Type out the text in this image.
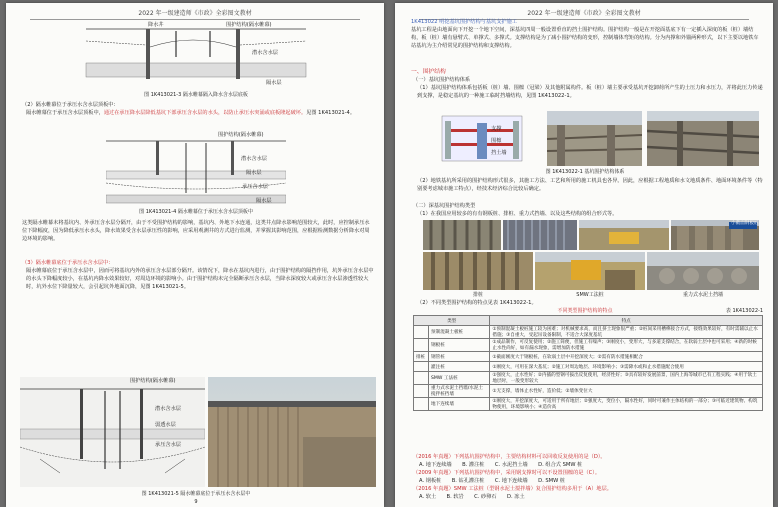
2022 年一级建造师《市政》全彩图文教材
降水井	围护结构(隔水帷幕)
潜水含水层
隔水层
图 1K413021-3 隔水帷幕隔入降水含水层底板
（2）隔水帷幕位于承压水含水层顶板中：
隔水帷幕位于承压含水层顶板中，通过在承压降水层降低基坑下部承压含水层的水头，以防止承压水突涌或底板隆起破坏。见图 1K413021-4。
围护结构(隔水帷幕)
潜水含水层
隔水层
承压含水层
隔水层
图 1K413021-4 隔水帷幕位于承压水含水层顶板中
这类隔水帷幕未将基坑内、外承压含水层分隔开，由于不受围护结构的影响，基坑内、外地下水连通，这类井点降水影响范围较大，此时，应控制承压水位下降幅度，因为降低承压水水头，降水效果受含水层承压性的影响，应采用观测井的方式进行监测，并掌握其影响范围，应根据检测数据分析降水对周边环境的影响。
（3）隔水帷幕底位于承压水含水层中：
隔水帷幕底位于承压含水层中，因而可将基坑内外的承压含水层部分隔开。该情况下，降水在基坑内进行，由于围护结构的隔挡作用，坑外承压含水层中的水头下降幅度较小，在基坑内降水效果较好，对周边环境的影响小。由于围护结构未完全隔断承压含水层，当降水深度较大或承压含水层渗透性较大时，坑外水位下降量较大，会引起坑外地面沉降，见图 1K413021-5。
围护结构(隔水帷幕)
潜水含水层
弱透水层
承压含水层
图 1K413021-5 隔水帷幕底位于承压水含水层中
9
2022 年一级建造师《市政》全彩图文教材
1K413022 明挖基坑围护结构与基坑支护施工
基坑工程是由地面向下开挖一个地下空间，深基坑四周一般设置垂直的挡土围护结构。围护结构一般是在开挖面基底下有一定插入深度的板（桩）墙结构，板（桩）墙有悬臂式、单撑式、多撑式。支撑结构是为了减小围护结构的变形，控制墙体弯矩的结构。分为内撑和外锚两种形式，以下主要以地铁车站基坑为主介绍常见的围护结构和支撑结构。
一、围护结构
（一）基坑围护结构体系
（1）基坑围护结构体系包括板（桩）墙、围檩（冠梁）及其他附属构件。板（桩）墙主要承受基坑开挖卸荷所产生的土压力和水压力，并将此压力传递到支撑，是稳定基坑的一种施工临时挡墙结构，见图 1K413022-1。
支撑
围檩
挡土墙
图 1K413022-1 基坑围护结构体系
（2）地铁基坑所采用的围护结构形式很多，其施工方法、工艺和所用的施工机具也各异。因此，应根据工程地质和水文地质条件、地面环境条件等（特别要考虑城市施工特点），经技术经济综合比较后确定。
（二）深基坑围护结构类型
（1）在我国应用较多的有有钢板桩、排桩、重力式挡墙、以及这些结构的组合形式等。
小截面钢板桩
排桩	SMW工法桩	重力式水泥土挡墙
（2）不同类型围护结构的特点见表 1K413022-1。
不同类型围护结构的特点	表 1K413022-1
类型		特点
	预制混凝土板桩	①预制混凝土板桩施工较为困难；对机械要求高，而且挤土现象很严重；②桩间采用槽榫接合方式，接缝效果较好，有时需辅以止水措施；③自重大，受起吊设备限制，不适合大深度基坑
	钢板桩	①成品制作，可反复使用；②施工简便，但施工有噪声；③刚度小，变形大，与多道支撑结合，在软弱土层中也可采用；④新的时候止水性尚好，如有漏水现象，需增加防水措施
排桩	钢管桩	①截面刚度大于钢板桩，在软弱土层中开挖深度大；②需有防水措施相配合
	灌注桩	①刚度大，可用在深大基坑；②施工对周边地层、环境影响小；③需降水或和止水措施配合使用
	SMW 工法桩	①强度大，止水性好；②内插的型钢可拔出反复使用，经济性好；③具有较好发展前景，国内上海等城市已有工程实践；④用于软土地层时，一般变形较大
	重力式水泥土挡墙/水泥土搅拌桩挡墙	①无支撑，墙体止水性好，造价低；②墙体变位大
	地下连续墙	①刚度大，开挖深度大，可适用于所有地层；②强度大，变位小，隔水性好，同时可兼作主体结构的一部分；③可临近建筑物、构筑物使用，环境影响小；④造价高
（2016 年真题）下列基坑围护结构中，主要结构材料可以回收反复使用的是（D）。
A. 地下连续墙　　B. 灌注桩　　C. 水泥挡土墙　　D. 组合式 SMW 桩
（2009 年真题）下列基坑围护结构中，采用钢支撑时可以不设置围檩的是（C）。
A. 钢板桩　　B. 钻孔灌注桩　　C. 地下连续墙　　D. SMW 桩
（2016 年真题）SMW 工法桩（型钢水泥土搅拌墙）复合围护结构多用于（A）地层。
A. 软土　　B. 软岩　　C. 砂卵石　　D. 冻土
